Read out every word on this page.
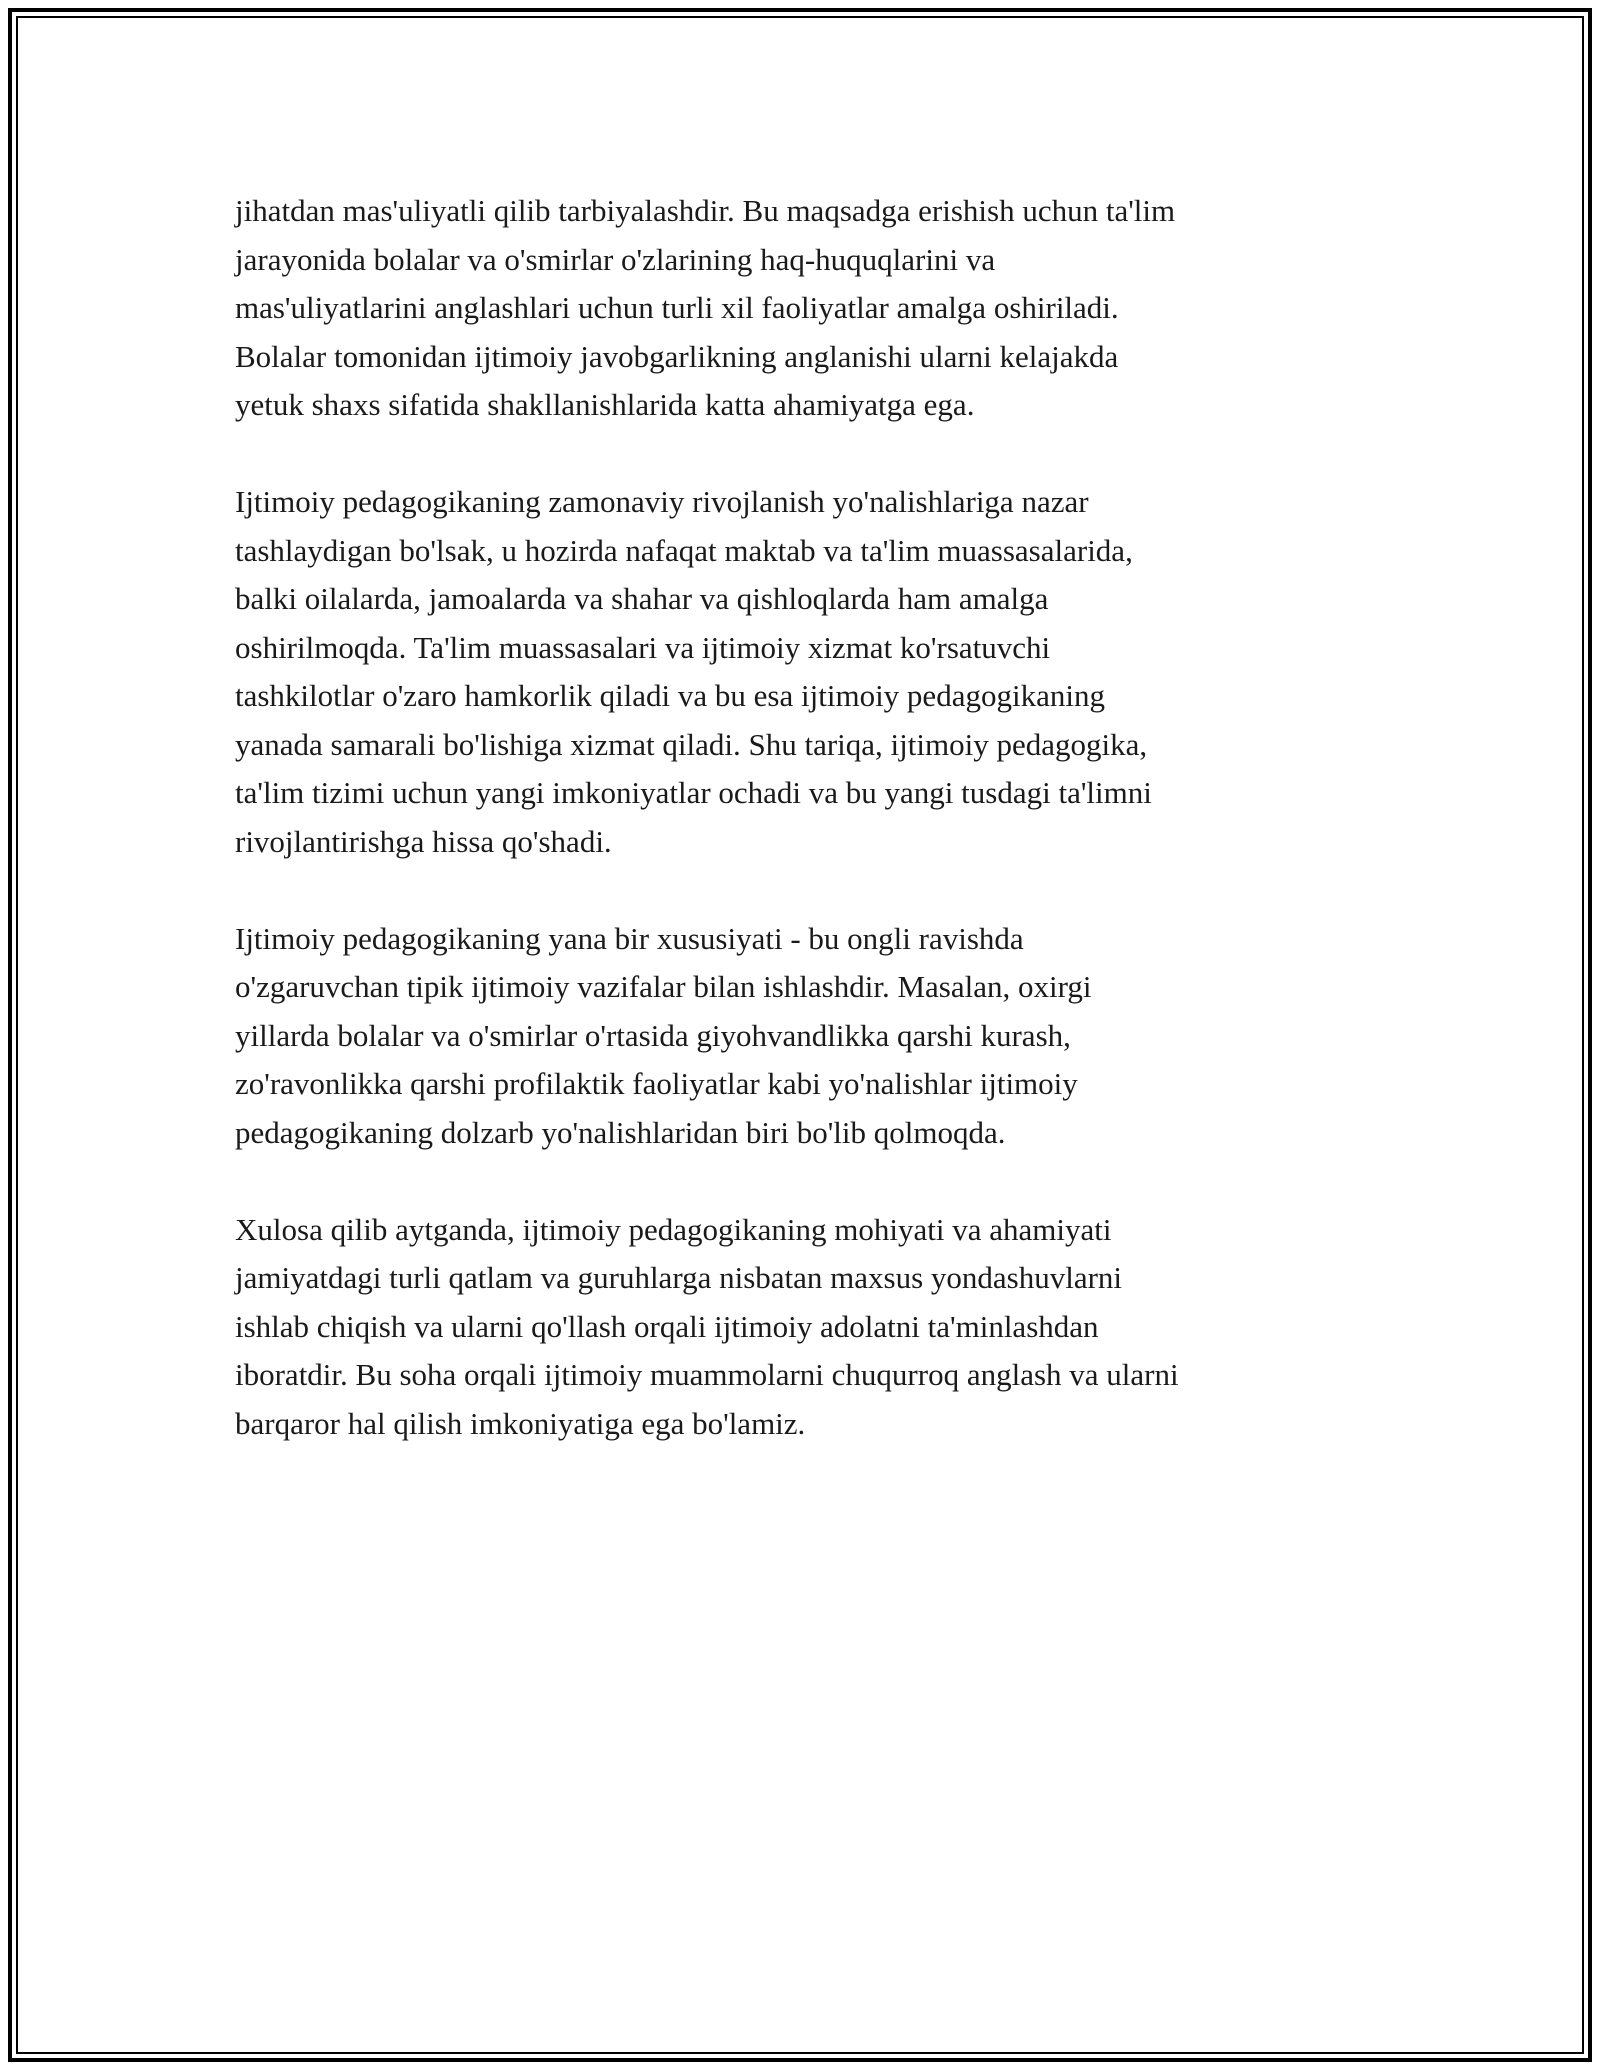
jihatdan mas'uliyatli qilib tarbiyalashdir. Bu maqsadga erishish uchun ta'lim
jarayonida bolalar va o'smirlar o'zlarining haq-huquqlarini va
mas'uliyatlarini anglashlari uchun turli xil faoliyatlar amalga oshiriladi.
Bolalar tomonidan ijtimoiy javobgarlikning anglanishi ularni kelajakda
yetuk shaxs sifatida shakllanishlarida katta ahamiyatga ega.

Ijtimoiy pedagogikaning zamonaviy rivojlanish yo'nalishlariga nazar
tashlaydigan bo'lsak, u hozirda nafaqat maktab va ta'lim muassasalarida,
balki oilalarda, jamoalarda va shahar va qishloqlarda ham amalga
oshirilmoqda. Ta'lim muassasalari va ijtimoiy xizmat ko'rsatuvchi
tashkilotlar o'zaro hamkorlik qiladi va bu esa ijtimoiy pedagogikaning
yanada samarali bo'lishiga xizmat qiladi. Shu tariqa, ijtimoiy pedagogika,
ta'lim tizimi uchun yangi imkoniyatlar ochadi va bu yangi tusdagi ta'limni
rivojlantirishga hissa qo'shadi.

Ijtimoiy pedagogikaning yana bir xususiyati - bu ongli ravishda
o'zgaruvchan tipik ijtimoiy vazifalar bilan ishlashdir. Masalan, oxirgi
yillarda bolalar va o'smirlar o'rtasida giyohvandlikka qarshi kurash,
zo'ravonlikka qarshi profilaktik faoliyatlar kabi yo'nalishlar ijtimoiy
pedagogikaning dolzarb yo'nalishlaridan biri bo'lib qolmoqda.

Xulosa qilib aytganda, ijtimoiy pedagogikaning mohiyati va ahamiyati
jamiyatdagi turli qatlam va guruhlarga nisbatan maxsus yondashuvlarni
ishlab chiqish va ularni qo'llash orqali ijtimoiy adolatni ta'minlashdan
iboratdir. Bu soha orqali ijtimoiy muammolarni chuqurroq anglash va ularni
barqaror hal qilish imkoniyatiga ega bo'lamiz.
